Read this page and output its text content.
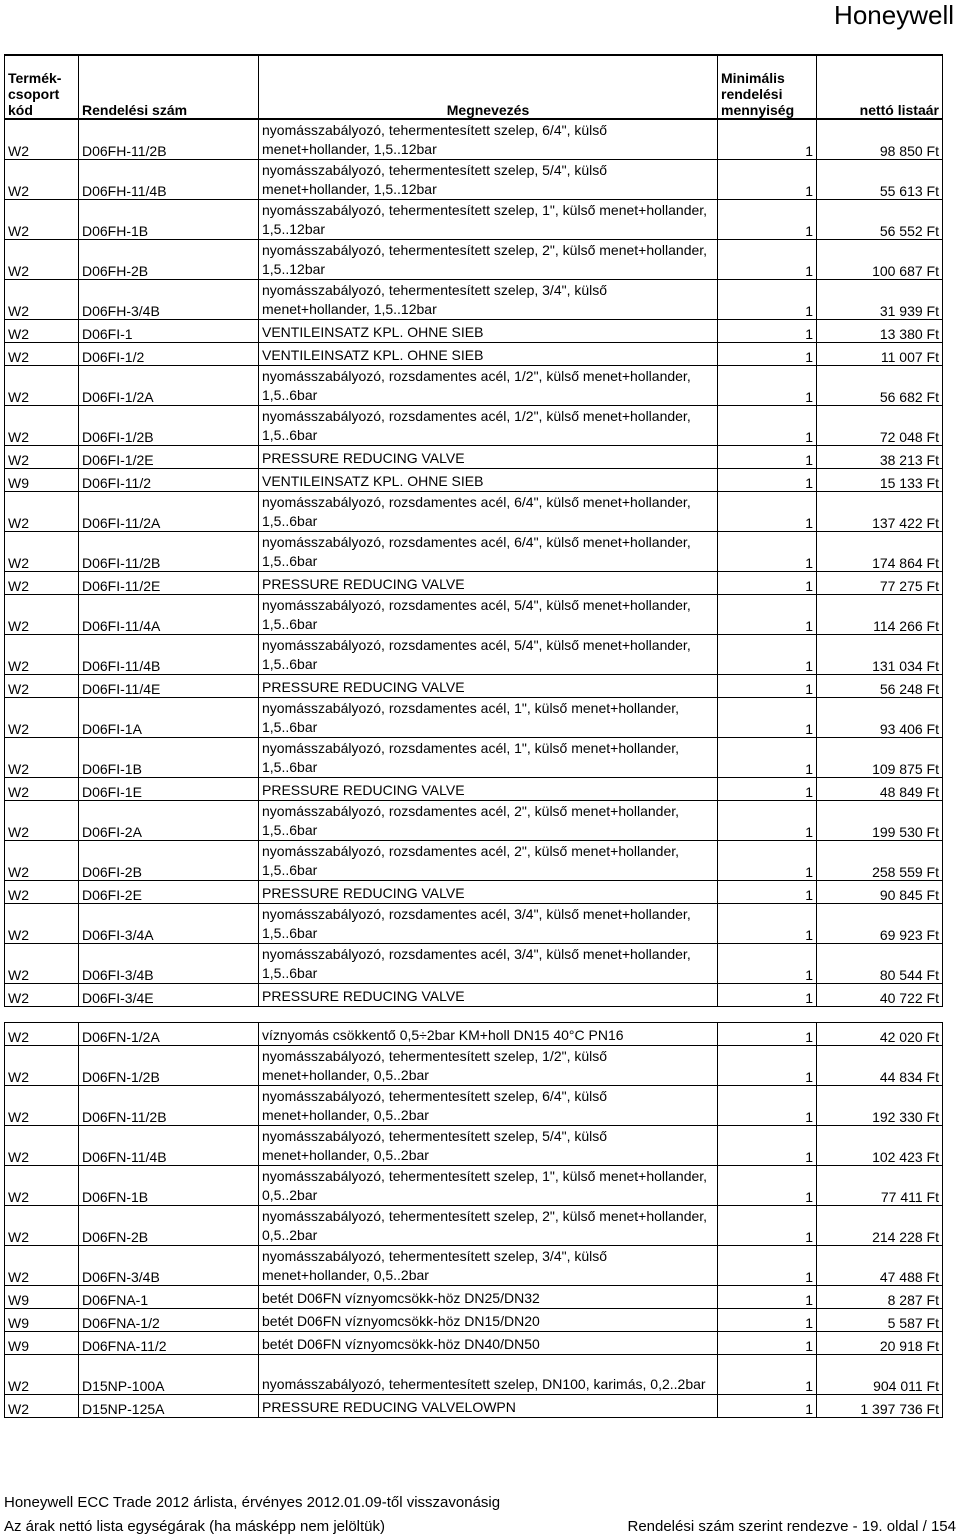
Honeywell
Termék-
csoport
kód	Rendelési szám	Megnevezés	Minimális
rendelési
mennyiség	nettó listaár
W2	D06FH-11/2B	nyomásszabályozó, tehermentesített szelep, 6/4", külső menet+hollander, 1,5..12bar	1	98 850 Ft
W2	D06FH-11/4B	nyomásszabályozó, tehermentesített szelep, 5/4", külső menet+hollander, 1,5..12bar	1	55 613 Ft
W2	D06FH-1B	nyomásszabályozó, tehermentesített szelep, 1", külső menet+hollander, 1,5..12bar	1	56 552 Ft
W2	D06FH-2B	nyomásszabályozó, tehermentesített szelep, 2", külső menet+hollander, 1,5..12bar	1	100 687 Ft
W2	D06FH-3/4B	nyomásszabályozó, tehermentesített szelep, 3/4", külső menet+hollander, 1,5..12bar	1	31 939 Ft
W2	D06FI-1	VENTILEINSATZ KPL. OHNE SIEB	1	13 380 Ft
W2	D06FI-1/2	VENTILEINSATZ KPL. OHNE SIEB	1	11 007 Ft
W2	D06FI-1/2A	nyomásszabályozó, rozsdamentes acél, 1/2", külső menet+hollander, 1,5..6bar	1	56 682 Ft
W2	D06FI-1/2B	nyomásszabályozó, rozsdamentes acél, 1/2", külső menet+hollander, 1,5..6bar	1	72 048 Ft
W2	D06FI-1/2E	PRESSURE REDUCING VALVE	1	38 213 Ft
W9	D06FI-11/2	VENTILEINSATZ KPL. OHNE SIEB	1	15 133 Ft
W2	D06FI-11/2A	nyomásszabályozó, rozsdamentes acél, 6/4", külső menet+hollander, 1,5..6bar	1	137 422 Ft
W2	D06FI-11/2B	nyomásszabályozó, rozsdamentes acél, 6/4", külső menet+hollander, 1,5..6bar	1	174 864 Ft
W2	D06FI-11/2E	PRESSURE REDUCING VALVE	1	77 275 Ft
W2	D06FI-11/4A	nyomásszabályozó, rozsdamentes acél, 5/4", külső menet+hollander, 1,5..6bar	1	114 266 Ft
W2	D06FI-11/4B	nyomásszabályozó, rozsdamentes acél, 5/4", külső menet+hollander, 1,5..6bar	1	131 034 Ft
W2	D06FI-11/4E	PRESSURE REDUCING VALVE	1	56 248 Ft
W2	D06FI-1A	nyomásszabályozó, rozsdamentes acél, 1", külső menet+hollander, 1,5..6bar	1	93 406 Ft
W2	D06FI-1B	nyomásszabályozó, rozsdamentes acél, 1", külső menet+hollander, 1,5..6bar	1	109 875 Ft
W2	D06FI-1E	PRESSURE REDUCING VALVE	1	48 849 Ft
W2	D06FI-2A	nyomásszabályozó, rozsdamentes acél, 2", külső menet+hollander, 1,5..6bar	1	199 530 Ft
W2	D06FI-2B	nyomásszabályozó, rozsdamentes acél, 2", külső menet+hollander, 1,5..6bar	1	258 559 Ft
W2	D06FI-2E	PRESSURE REDUCING VALVE	1	90 845 Ft
W2	D06FI-3/4A	nyomásszabályozó, rozsdamentes acél, 3/4", külső menet+hollander, 1,5..6bar	1	69 923 Ft
W2	D06FI-3/4B	nyomásszabályozó, rozsdamentes acél, 3/4", külső menet+hollander, 1,5..6bar	1	80 544 Ft
W2	D06FI-3/4E	PRESSURE REDUCING VALVE	1	40 722 Ft

W2	D06FN-1/2A	víznyomás csökkentő 0,5÷2bar KM+holl DN15 40°C PN16	1	42 020 Ft
W2	D06FN-1/2B	nyomásszabályozó, tehermentesített szelep, 1/2", külső menet+hollander, 0,5..2bar	1	44 834 Ft
W2	D06FN-11/2B	nyomásszabályozó, tehermentesített szelep, 6/4", külső menet+hollander, 0,5..2bar	1	192 330 Ft
W2	D06FN-11/4B	nyomásszabályozó, tehermentesített szelep, 5/4", külső menet+hollander, 0,5..2bar	1	102 423 Ft
W2	D06FN-1B	nyomásszabályozó, tehermentesített szelep, 1", külső menet+hollander, 0,5..2bar	1	77 411 Ft
W2	D06FN-2B	nyomásszabályozó, tehermentesített szelep, 2", külső menet+hollander, 0,5..2bar	1	214 228 Ft
W2	D06FN-3/4B	nyomásszabályozó, tehermentesített szelep, 3/4", külső menet+hollander, 0,5..2bar	1	47 488 Ft
W9	D06FNA-1	betét D06FN víznyomcsökk-höz DN25/DN32	1	8 287 Ft
W9	D06FNA-1/2	betét D06FN víznyomcsökk-höz DN15/DN20	1	5 587 Ft
W9	D06FNA-11/2	betét D06FN víznyomcsökk-höz DN40/DN50	1	20 918 Ft
W2	D15NP-100A	nyomásszabályozó, tehermentesített szelep, DN100, karimás, 0,2..2bar	1	904 011 Ft
W2	D15NP-125A	PRESSURE REDUCING VALVELOWPN	1	1 397 736 Ft
Honeywell ECC Trade 2012 árlista, érvényes 2012.01.09-től visszavonásig
Az árak nettó lista egységárak (ha másképp nem jelöltük)	Rendelési szám szerint rendezve - 19. oldal / 154
